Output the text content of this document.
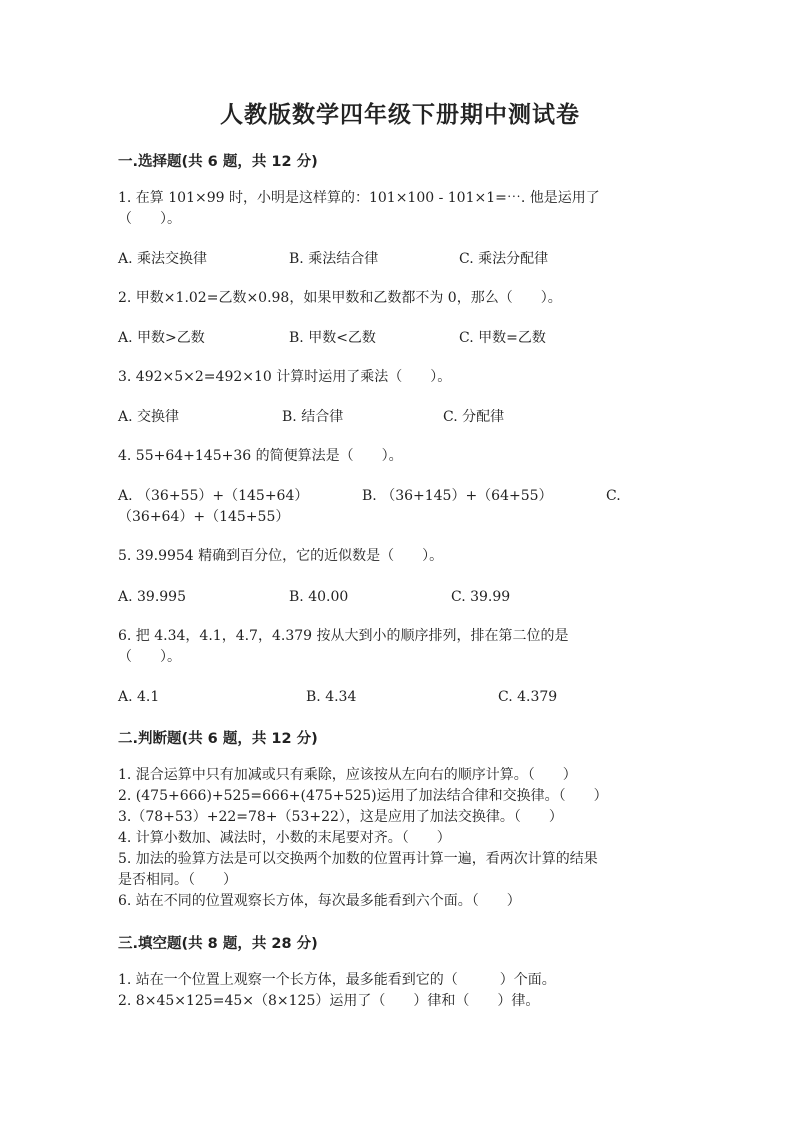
人教版数学四年级下册期中测试卷
一.选择题(共 6 题，共 12 分)
1. 在算 101×99 时，小明是这样算的：101×100 - 101×1=⋯. 他是运用了
（　　）。
A. 乘法交换律	B. 乘法结合律	C. 乘法分配律
2. 甲数×1.02=乙数×0.98，如果甲数和乙数都不为 0，那么（　　）。
A. 甲数>乙数	B. 甲数<乙数	C. 甲数=乙数
3. 492×5×2=492×10 计算时运用了乘法（　　）。
A. 交换律	B. 结合律	C. 分配律
4. 55+64+145+36 的简便算法是（　　）。
A. （36+55）+（145+64）	B. （36+145）+（64+55）	C.
（36+64）+（145+55）
5. 39.9954 精确到百分位，它的近似数是（　　）。
A. 39.995	B. 40.00	C. 39.99
6. 把 4.34，4.1，4.7，4.379 按从大到小的顺序排列，排在第二位的是
（　　）。
A. 4.1	B. 4.34	C. 4.379
二.判断题(共 6 题，共 12 分)
1. 混合运算中只有加减或只有乘除，应该按从左向右的顺序计算。（　　）
2. (475+666)+525=666+(475+525)运用了加法结合律和交换律。（　　）
3.（78+53）+22=78+（53+22），这是应用了加法交换律。（　　）
4. 计算小数加、减法时，小数的末尾要对齐。（　　）
5. 加法的验算方法是可以交换两个加数的位置再计算一遍，看两次计算的结果
是否相同。（　　）
6. 站在不同的位置观察长方体，每次最多能看到六个面。（　　）
三.填空题(共 8 题，共 28 分)
1. 站在一个位置上观察一个长方体，最多能看到它的（　　　）个面。
2. 8×45×125=45×（8×125）运用了（　　）律和（　　）律。
